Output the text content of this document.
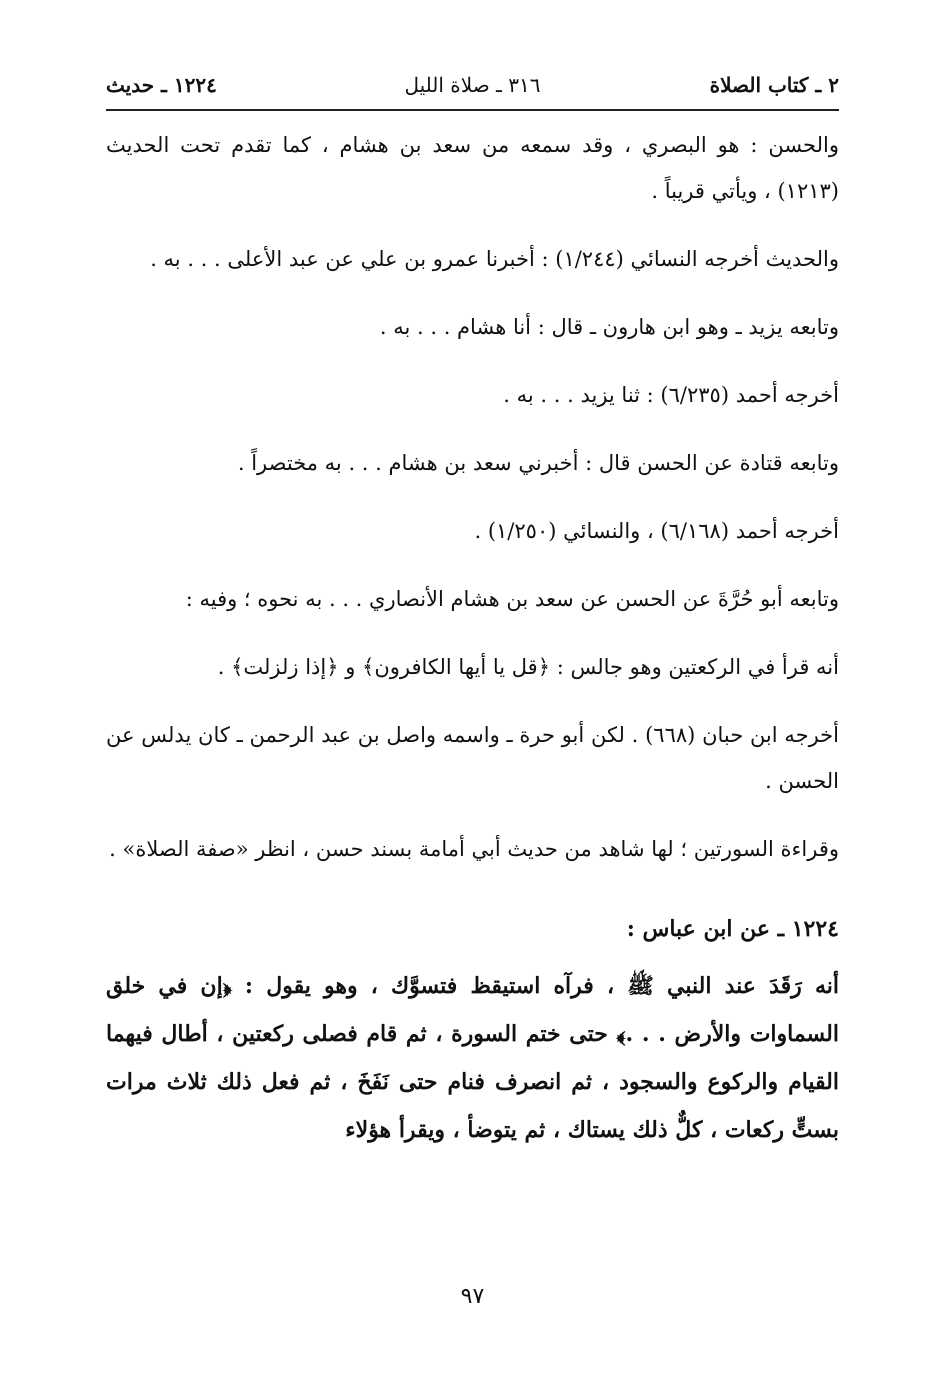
٢ ـ كتاب الصلاة
٣١٦ ـ صلاة الليل
١٢٢٤ ـ حديث

والحسن : هو البصري ، وقد سمعه من سعد بن هشام ، كما تقدم تحت الحديث (١٢١٣) ، ويأتي قريباً .

والحديث أخرجه النسائي (١/٢٤٤) : أخبرنا عمرو بن علي عن عبد الأعلى . . . به .

وتابعه يزيد ـ وهو ابن هارون ـ قال : أنا هشام . . . به .

أخرجه أحمد (٦/٢٣٥) : ثنا يزيد . . . به .

وتابعه قتادة عن الحسن قال : أخبرني سعد بن هشام . . . به مختصراً .

أخرجه أحمد (٦/١٦٨) ، والنسائي (١/٢٥٠) .

وتابعه أبو حُرَّةَ عن الحسن عن سعد بن هشام الأنصاري . . . به نحوه ؛ وفيه :

أنه قرأ في الركعتين وهو جالس : ﴿قل يا أيها الكافرون﴾ و ﴿إذا زلزلت﴾ .

أخرجه ابن حبان (٦٦٨) . لكن أبو حرة ـ واسمه واصل بن عبد الرحمن ـ كان يدلس عن الحسن .

وقراءة السورتين ؛ لها شاهد من حديث أبي أمامة بسند حسن ، انظر «صفة الصلاة» .

١٢٢٤ ـ عن ابن عباس :

أنه رَقَدَ عند النبي ﷺ ، فرآه استيقظ فتسوَّك ، وهو يقول : ﴿إن في خلق السماوات والأرض . . .﴾ حتى ختم السورة ، ثم قام فصلى ركعتين ، أطال فيهما القيام والركوع والسجود ، ثم انصرف فنام حتى نَفَخَ ، ثم فعل ذلك ثلاث مرات بستٍّ ركعات ، كلٌّ ذلك يستاك ، ثم يتوضأ ، ويقرأ هؤلاء

٩٧
